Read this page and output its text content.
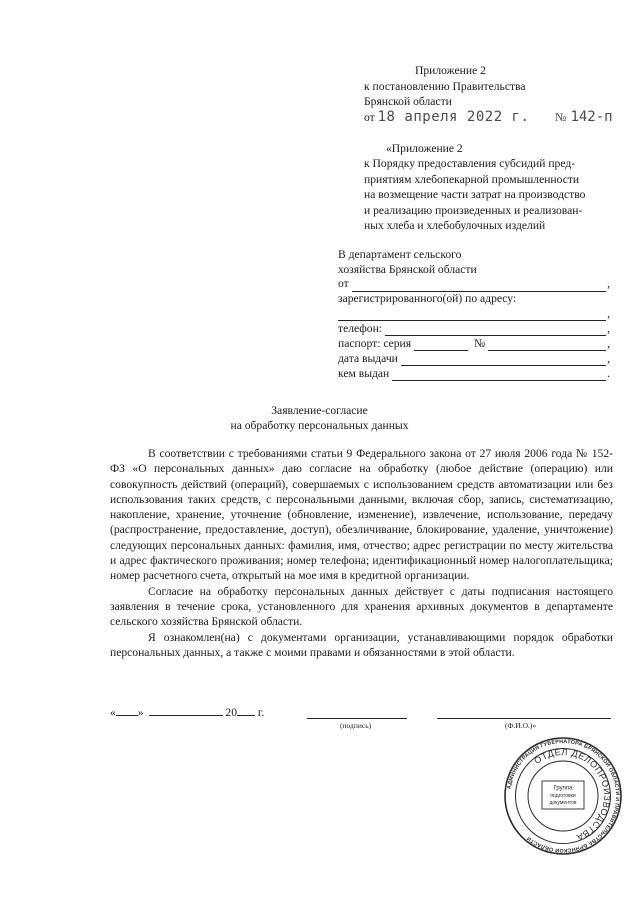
Приложение 2
к постановлению Правительства
Брянской области
от 18 апреля 2022 г. № 142-п
«Приложение 2
к Порядку предоставления субсидий пред-
приятиям хлебопекарной промышленности
на возмещение части затрат на производство
и реализацию произведенных и реализован-
ных хлеба и хлебобулочных изделий
В департамент сельского
хозяйства Брянской области
от	,
зарегистрированного(ой) по адресу:
,
телефон:	,
паспорт: серия	№	,
дата выдачи	,
кем выдан	.
Заявление-согласие
на обработку персональных данных

В соответствии с требованиями статьи 9 Федерального закона от 27 июля 2006 года № 152-ФЗ «О персональных данных» даю согласие на обработку (любое действие (операцию) или совокупность действий (операций), совершаемых с использованием средств автоматизации или без использования таких средств, с персональными данными, включая сбор, запись, систематизацию, накопление, хранение, уточнение (обновление, изменение), извлечение, использование, передачу (распространение, предоставление, доступ), обезличивание, блокирование, удаление, уничтожение) следующих персональных данных: фамилия, имя, отчество; адрес регистрации по месту жительства и адрес фактического проживания; номер телефона; идентификационный номер налогоплательщика; номер расчетного счета, открытый на мое имя в кредитной организации.

Согласие на обработку персональных данных действует с даты подписания настоящего заявления в течение срока, установленного для хранения архивных документов в департаменте сельского хозяйства Брянской области.

Я ознакомлен(на) с документами организации, устанавливающими порядок обработки персональных данных, а также с моими правами и обязанностями в этой области.

« »	20 г.
(подпись)	(Ф.И.О.)»
АДМИНИСТРАЦИЯ ГУБЕРНАТОРА БРЯНСКОЙ ОБЛАСТИ И ПРАВИТЕЛЬСТВА БРЯНСКОЙ ОБЛАСТИ
ОТДЕЛ ДЕЛОПРОИЗВОДСТВА
Группа
подготовки
документов
